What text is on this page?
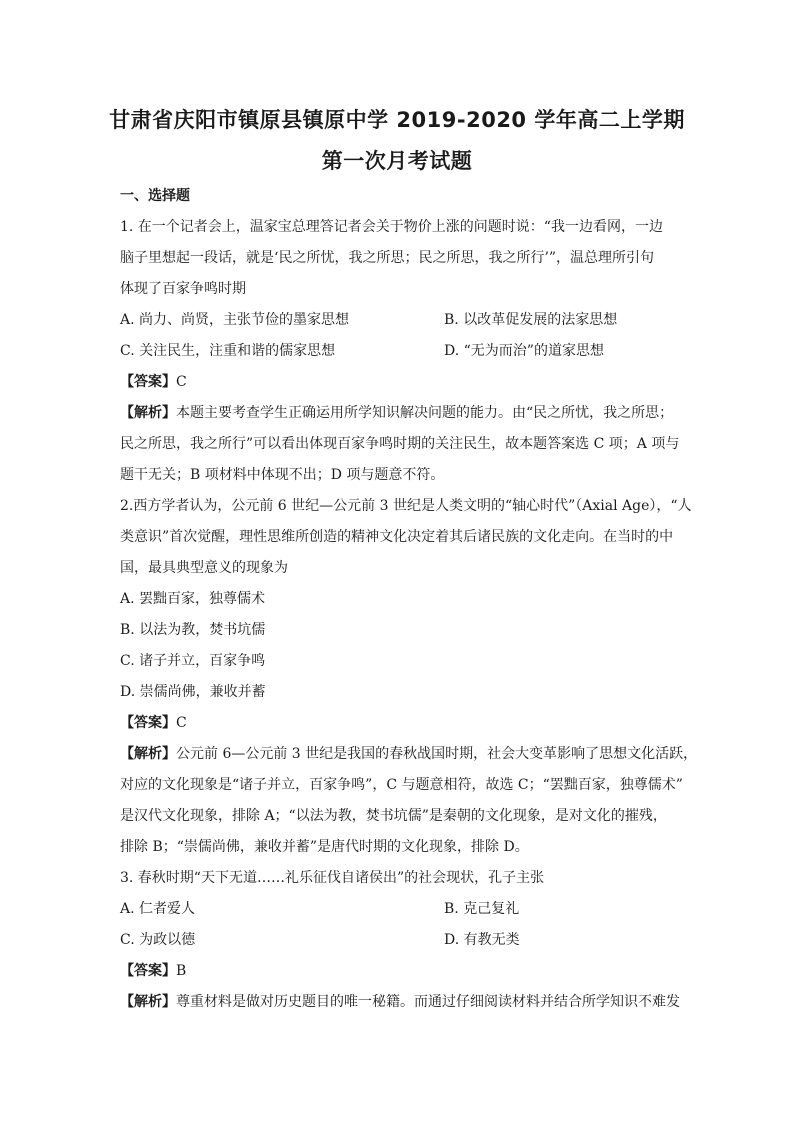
甘肃省庆阳市镇原县镇原中学 2019-2020 学年高二上学期
第一次月考试题
一、选择题
1. 在一个记者会上，温家宝总理答记者会关于物价上涨的问题时说：“我一边看网，一边
脑子里想起一段话，就是‘民之所忧，我之所思；民之所思，我之所行’”，温总理所引句
体现了百家争鸣时期
A. 尚力、尚贤，主张节俭的墨家思想	B. 以改革促发展的法家思想
C. 关注民生，注重和谐的儒家思想	D. “无为而治”的道家思想
【答案】C
【解析】本题主要考查学生正确运用所学知识解决问题的能力。由“民之所忧，我之所思；
民之所思，我之所行”可以看出体现百家争鸣时期的关注民生，故本题答案选 C 项；A 项与
题干无关；B 项材料中体现不出；D 项与题意不符。
2.西方学者认为，公元前 6 世纪—公元前 3 世纪是人类文明的“轴心时代”（Axial Age），“人
类意识”首次觉醒，理性思维所创造的精神文化决定着其后诸民族的文化走向。在当时的中
国，最具典型意义的现象为
A. 罢黜百家，独尊儒术
B. 以法为教，焚书坑儒
C. 诸子并立，百家争鸣
D. 崇儒尚佛，兼收并蓄
【答案】C
【解析】公元前 6—公元前 3 世纪是我国的春秋战国时期，社会大变革影响了思想文化活跃，
对应的文化现象是“诸子并立，百家争鸣”，C 与题意相符，故选 C；“罢黜百家，独尊儒术”
是汉代文化现象，排除 A；“以法为教，焚书坑儒”是秦朝的文化现象，是对文化的摧残，
排除 B；“崇儒尚佛，兼收并蓄”是唐代时期的文化现象，排除 D。
3. 春秋时期“天下无道……礼乐征伐自诸侯出”的社会现状，孔子主张
A. 仁者爱人	B. 克己复礼
C. 为政以德	D. 有教无类
【答案】B
【解析】尊重材料是做对历史题目的唯一秘籍。而通过仔细阅读材料并结合所学知识不难发
